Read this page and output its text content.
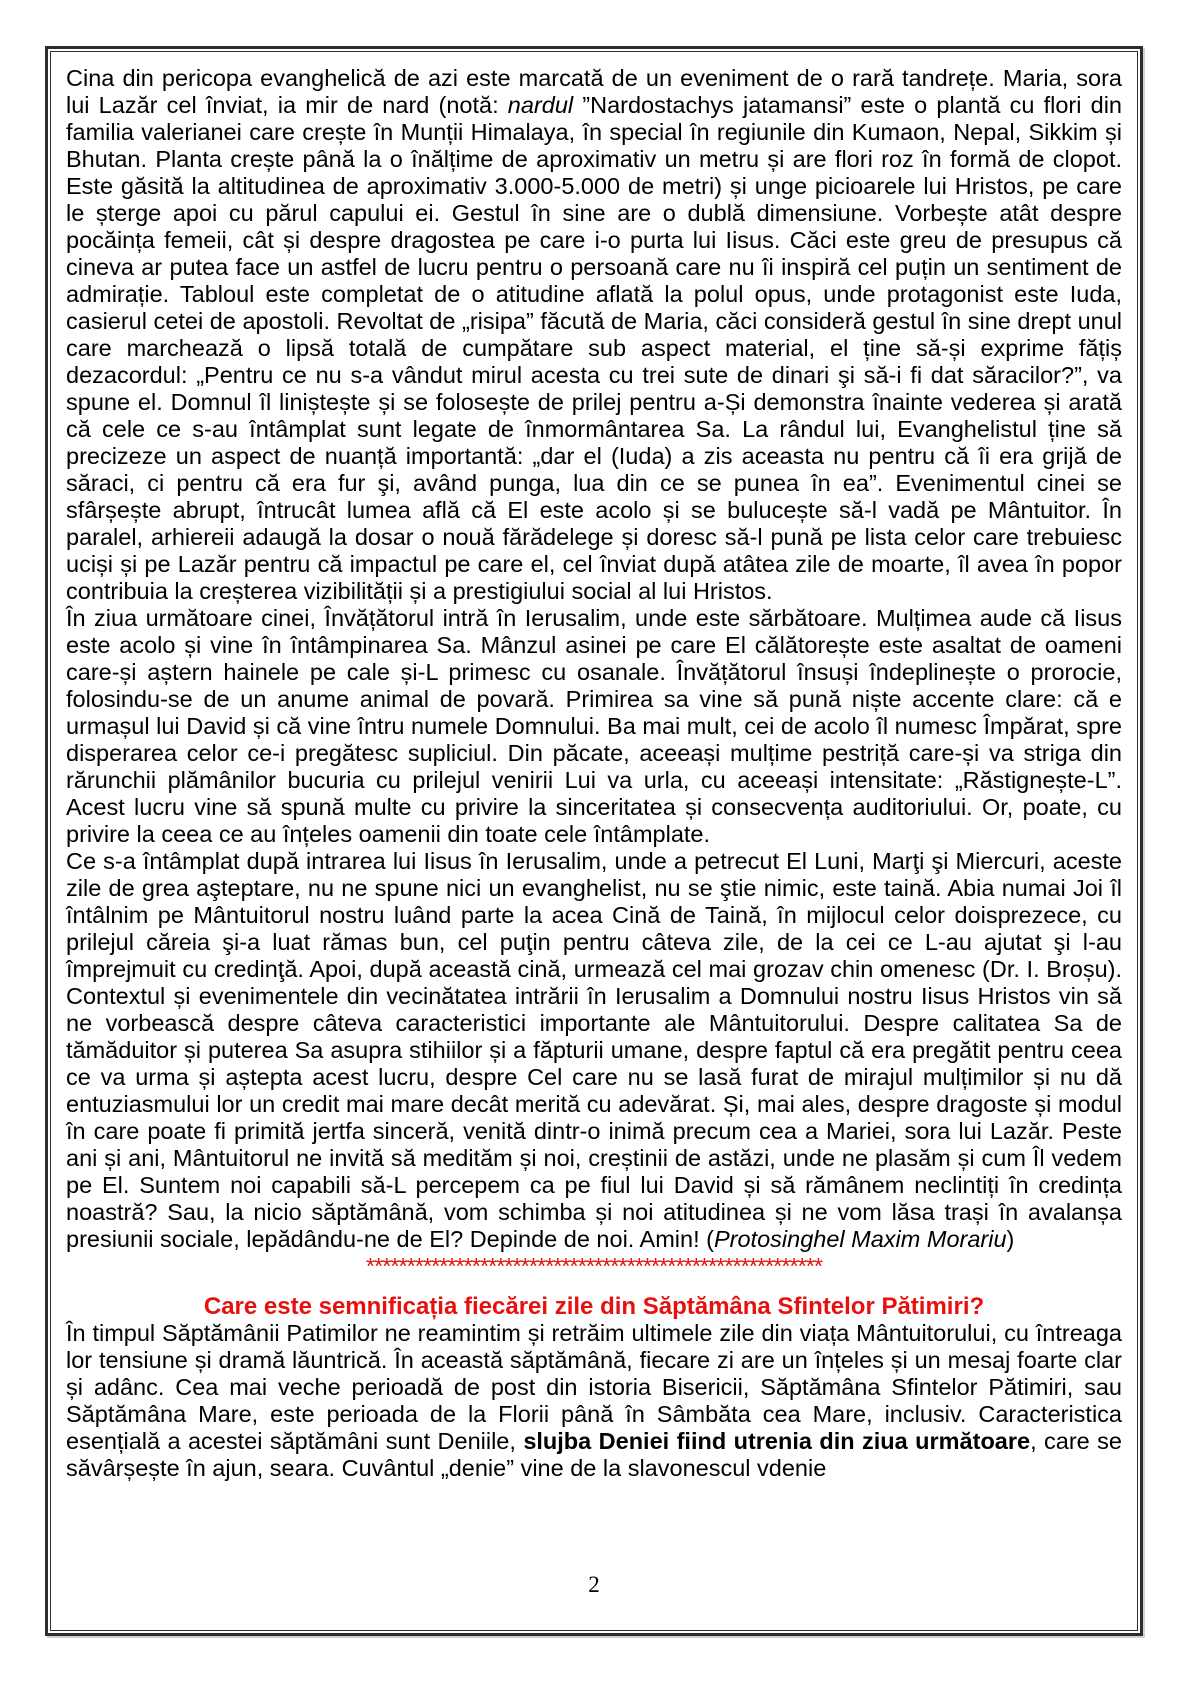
Cina din pericopa evanghelică de azi este marcată de un eveniment de o rară tandrețe. Maria, sora lui Lazăr cel înviat, ia mir de nard (notă: nardul ”Nardostachys jatamansi” este o plantă cu flori din familia valerianei care crește în Munții Himalaya, în special în regiunile din Kumaon, Nepal, Sikkim și Bhutan. Planta crește până la o înălțime de aproximativ un metru și are flori roz în formă de clopot. Este găsită la altitudinea de aproximativ 3.000-5.000 de metri) și unge picioarele lui Hristos, pe care le șterge apoi cu părul capului ei. Gestul în sine are o dublă dimensiune. Vorbește atât despre pocăința femeii, cât și despre dragostea pe care i-o purta lui Iisus. Căci este greu de presupus că cineva ar putea face un astfel de lucru pentru o persoană care nu îi inspiră cel puțin un sentiment de admirație. Tabloul este completat de o atitudine aflată la polul opus, unde protagonist este Iuda, casierul cetei de apostoli. Revoltat de „risipa” făcută de Maria, căci consideră gestul în sine drept unul care marchează o lipsă totală de cumpătare sub aspect material, el ține să-și exprime fățiș dezacordul: „Pentru ce nu s-a vândut mirul acesta cu trei sute de dinari şi să-i fi dat săracilor?”, va spune el. Domnul îl liniștește și se folosește de prilej pentru a-Și demonstra înainte vederea și arată că cele ce s-au întâmplat sunt legate de înmormântarea Sa. La rândul lui, Evanghelistul ține să precizeze un aspect de nuanță importantă: „dar el (Iuda) a zis aceasta nu pentru că îi era grijă de săraci, ci pentru că era fur şi, având punga, lua din ce se punea în ea”. Evenimentul cinei se sfârșește abrupt, întrucât lumea află că El este acolo și se bulucește să-l vadă pe Mântuitor. În paralel, arhiereii adaugă la dosar o nouă fărădelege și doresc să-l pună pe lista celor care trebuiesc uciși și pe Lazăr pentru că impactul pe care el, cel înviat după atâtea zile de moarte, îl avea în popor contribuia la creșterea vizibilității și a prestigiului social al lui Hristos.

În ziua următoare cinei, Învățătorul intră în Ierusalim, unde este sărbătoare. Mulțimea aude că Iisus este acolo și vine în întâmpinarea Sa. Mânzul asinei pe care El călătorește este asaltat de oameni care-și aștern hainele pe cale și-L primesc cu osanale. Învățătorul însuși îndeplinește o prorocie, folosindu-se de un anume animal de povară. Primirea sa vine să pună niște accente clare: că e urmașul lui David și că vine întru numele Domnului. Ba mai mult, cei de acolo îl numesc Împărat, spre disperarea celor ce-i pregătesc supliciul. Din păcate, aceeași mulțime pestriță care-și va striga din rărunchii plămânilor bucuria cu prilejul venirii Lui va urla, cu aceeași intensitate: „Răstignește-L”. Acest lucru vine să spună multe cu privire la sinceritatea și consecvența auditoriului. Or, poate, cu privire la ceea ce au înțeles oamenii din toate cele întâmplate.

Ce s-a întâmplat după intrarea lui Iisus în Ierusalim, unde a petrecut El Luni, Marţi şi Miercuri, aceste zile de grea aşteptare, nu ne spune nici un evanghelist, nu se ştie nimic, este taină. Abia numai Joi îl întâlnim pe Mântuitorul nostru luând parte la acea Cină de Taină, în mijlocul celor doisprezece, cu prilejul căreia şi-a luat rămas bun, cel puţin pentru câteva zile, de la cei ce L-au ajutat şi l-au împrejmuit cu credinţă. Apoi, după această cină, urmează cel mai grozav chin omenesc (Dr. I. Broșu). Contextul și evenimentele din vecinătatea intrării în Ierusalim a Domnului nostru Iisus Hristos vin să ne vorbească despre câteva caracteristici importante ale Mântuitorului. Despre calitatea Sa de tămăduitor și puterea Sa asupra stihiilor și a făpturii umane, despre faptul că era pregătit pentru ceea ce va urma și aștepta acest lucru, despre Cel care nu se lasă furat de mirajul mulțimilor și nu dă entuziasmului lor un credit mai mare decât merită cu adevărat. Și, mai ales, despre dragoste și modul în care poate fi primită jertfa sinceră, venită dintr-o inimă precum cea a Mariei, sora lui Lazăr. Peste ani și ani, Mântuitorul ne invită să medităm și noi, creștinii de astăzi, unde ne plasăm și cum Îl vedem pe El. Suntem noi capabili să-L percepem ca pe fiul lui David și să rămânem neclintiți în credința noastră? Sau, la nicio săptămână, vom schimba și noi atitudinea și ne vom lăsa trași în avalanșa presiunii sociale, lepădându-ne de El? Depinde de noi. Amin! (Protosinghel Maxim Morariu)

********************************************************
Care este semnificația fiecărei zile din Săptămâna Sfintelor Pătimiri?

În timpul Săptămânii Patimilor ne reamintim și retrăim ultimele zile din viața Mântuitorului, cu întreaga lor tensiune și dramă lăuntrică. În această săptămână, fiecare zi are un înțeles și un mesaj foarte clar și adânc. Cea mai veche perioadă de post din istoria Bisericii, Săptămâna Sfintelor Pătimiri, sau Săptămâna Mare, este perioada de la Florii până în Sâmbăta cea Mare, inclusiv. Caracteristica esențială a acestei săptămâni sunt Deniile, slujba Deniei fiind utrenia din ziua următoare, care se săvârșește în ajun, seara. Cuvântul „denie” vine de la slavonescul vdenie

2
